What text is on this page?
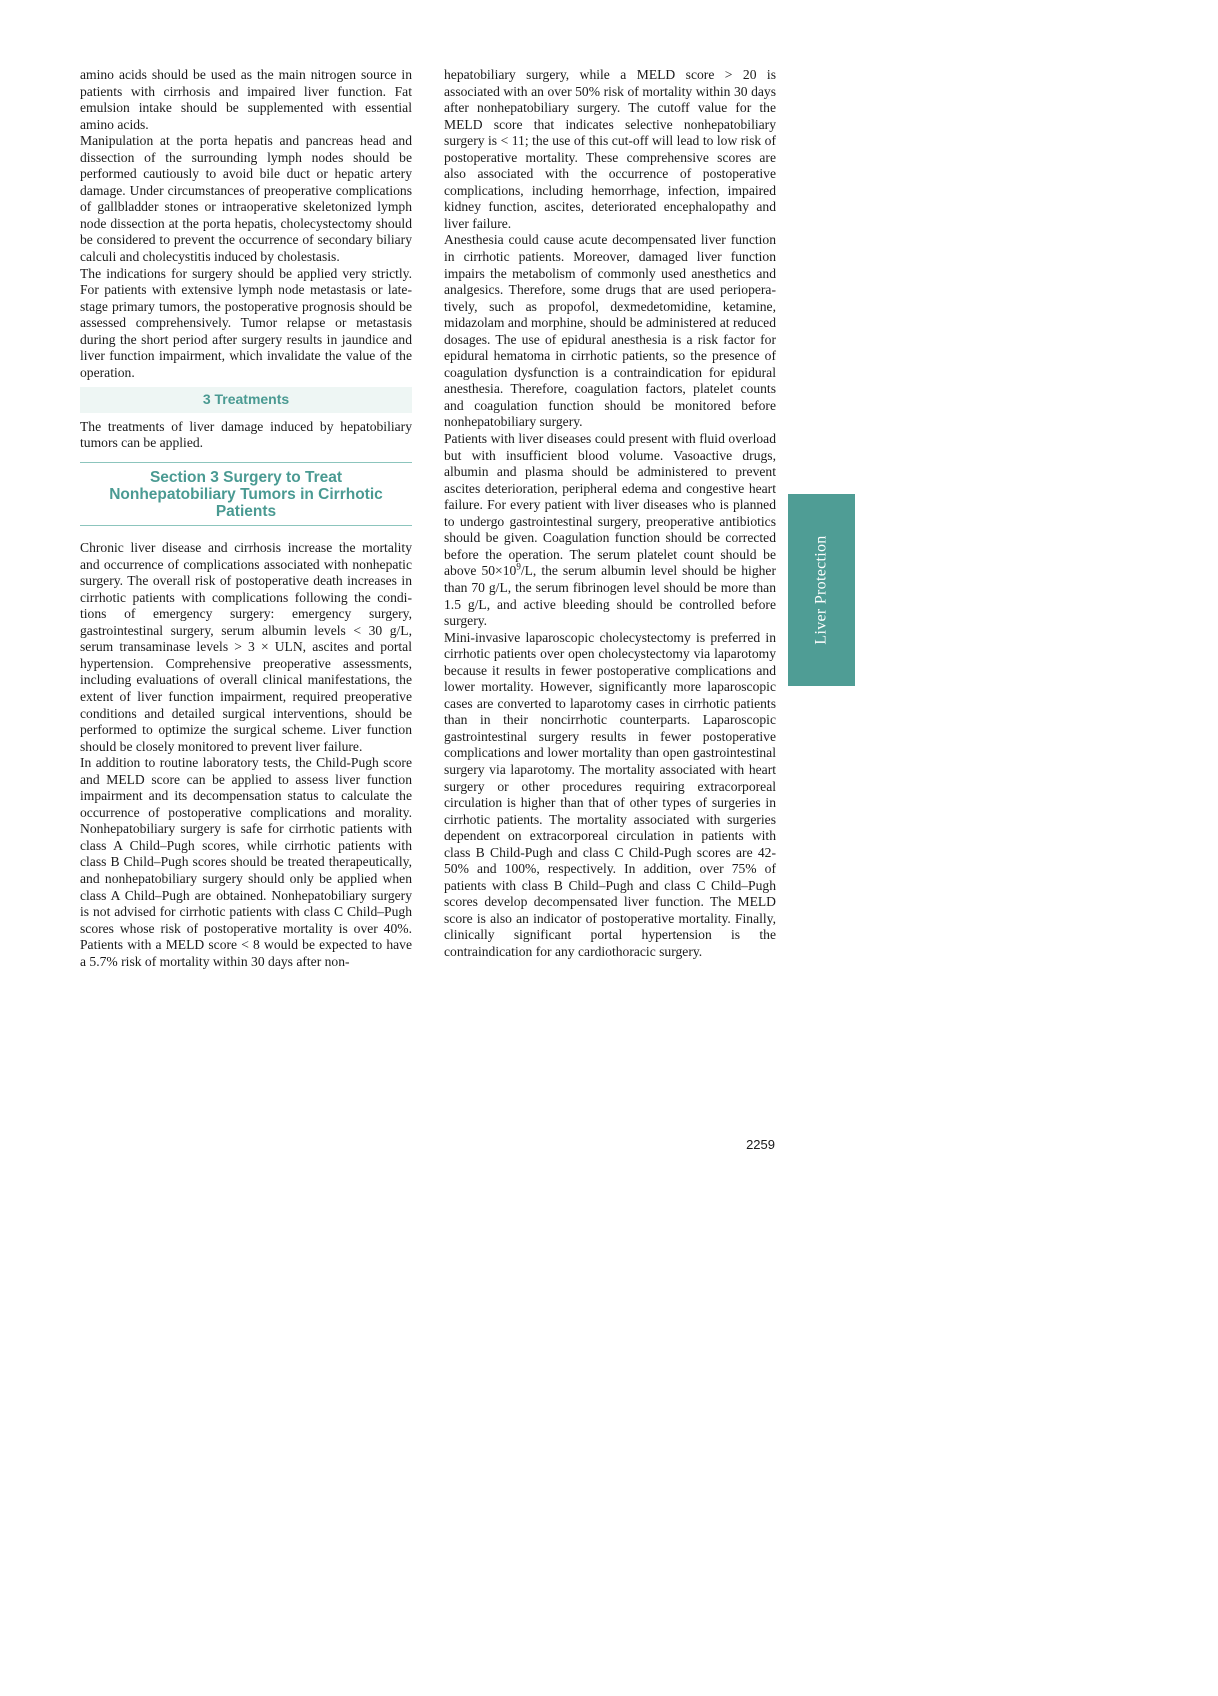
amino acids should be used as the main nitrogen source in patients with cirrhosis and impaired liver function. Fat emulsion intake should be supplemented with essential amino acids.

Manipulation at the porta hepatis and pancreas head and dissection of the surrounding lymph nodes should be performed cautiously to avoid bile duct or hepatic artery damage. Under circumstances of preoperative complications of gallbladder stones or intraoperative skeletonized lymph node dissection at the porta hepatis, cholecystectomy should be considered to prevent the occurrence of secondary biliary calculi and cholecystitis induced by cholestasis.

The indications for surgery should be applied very strictly. For patients with extensive lymph node metastasis or late-stage primary tumors, the postoperative prognosis should be assessed comprehensively. Tumor relapse or metastasis during the short period after surgery results in jaundice and liver function impairment, which invalidate the value of the operation.

3 Treatments

The treatments of liver damage induced by hepatobiliary tumors can be applied.

Section 3 Surgery to Treat
Nonhepatobiliary Tumors in Cirrhotic
Patients

Chronic liver disease and cirrhosis increase the mortality and occurrence of complications associated with nonhepatic surgery. The overall risk of postoperative death increases in cirrhotic patients with complications following the conditions of emergency surgery: emergency surgery, gastrointestinal surgery, serum albumin levels < 30 g/L, serum transaminase levels > 3 × ULN, ascites and portal hypertension. Comprehensive preoperative assessments, including evaluations of overall clinical manifestations, the extent of liver function impairment, required preoperative conditions and detailed surgical interventions, should be performed to optimize the surgical scheme. Liver function should be closely monitored to prevent liver failure.

In addition to routine laboratory tests, the Child-Pugh score and MELD score can be applied to assess liver function impairment and its decompensation status to calculate the occurrence of postoperative complications and morality. Nonhepatobiliary surgery is safe for cirrhotic patients with class A Child–Pugh scores, while cirrhotic patients with class B Child–Pugh scores should be treated therapeutically, and nonhepatobiliary surgery should only be applied when class A Child–Pugh are obtained. Nonhepatobiliary surgery is not advised for cirrhotic patients with class C Child–Pugh scores whose risk of postoperative mortality is over 40%. Patients with a MELD score < 8 would be expected to have a 5.7% risk of mortality within 30 days after non-

hepatobiliary surgery, while a MELD score > 20 is associated with an over 50% risk of mortality within 30 days after nonhepatobiliary surgery. The cutoff value for the MELD score that indicates selective nonhepatobiliary surgery is < 11; the use of this cut-off will lead to low risk of postoperative mortality. These comprehensive scores are also associated with the occurrence of postoperative complications, including hemorrhage, infection, impaired kidney function, ascites, deteriorated encephalopathy and liver failure.

Anesthesia could cause acute decompensated liver function in cirrhotic patients. Moreover, damaged liver function impairs the metabolism of commonly used anesthetics and analgesics. Therefore, some drugs that are used perioperatively, such as propofol, dexmedetomidine, ketamine, midazolam and morphine, should be administered at reduced dosages. The use of epidural anesthesia is a risk factor for epidural hematoma in cirrhotic patients, so the presence of coagulation dysfunction is a contraindication for epidural anesthesia. Therefore, coagulation factors, platelet counts and coagulation function should be monitored before nonhepatobiliary surgery.

Patients with liver diseases could present with fluid overload but with insufficient blood volume. Vasoactive drugs, albumin and plasma should be administered to prevent ascites deterioration, peripheral edema and congestive heart failure. For every patient with liver diseases who is planned to undergo gastrointestinal surgery, preoperative antibiotics should be given. Coagulation function should be corrected before the operation. The serum platelet count should be above $50\times 10^9/L$, the serum albumin level should be higher than 70 g/L, the serum fibrinogen level should be more than 1.5 g/L, and active bleeding should be controlled before surgery.

Mini-invasive laparoscopic cholecystectomy is preferred in cirrhotic patients over open cholecystectomy via laparotomy because it results in fewer postoperative complications and lower mortality. However, significantly more laparoscopic cases are converted to laparotomy cases in cirrhotic patients than in their noncirrhotic counterparts. Laparoscopic gastrointestinal surgery results in fewer postoperative complications and lower mortality than open gastrointestinal surgery via laparotomy. The mortality associated with heart surgery or other procedures requiring extracorporeal circulation is higher than that of other types of surgeries in cirrhotic patients. The mortality associated with surgeries dependent on extracorporeal circulation in patients with class B Child-Pugh and class C Child-Pugh scores are 42-50% and 100%, respectively. In addition, over 75% of patients with class B Child–Pugh and class C Child–Pugh scores develop decompensated liver function. The MELD score is also an indicator of postoperative mortality. Finally, clinically significant portal hypertension is the contraindication for any cardiothoracic surgery.

Liver Protection
2259
